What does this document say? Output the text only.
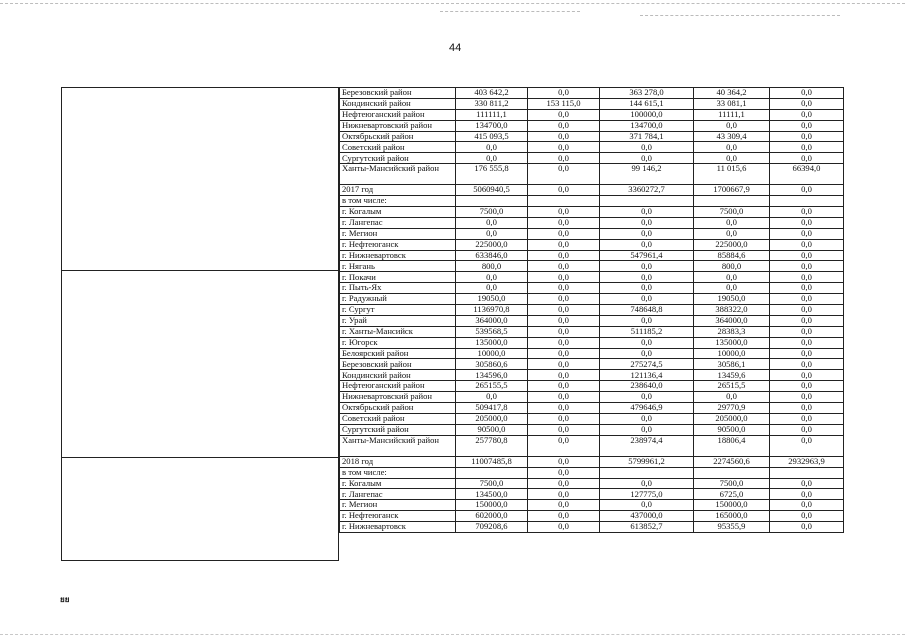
44
Березовский район	403 642,2	0,0	363 278,0	40 364,2	0,0
Кондинский район	330 811,2	153 115,0	144 615,1	33 081,1	0,0
Нефтеюганский район	111111,1	0,0	100000,0	11111,1	0,0
Нижневартовский район	134700,0	0,0	134700,0	0,0	0,0
Октябрьский район	415 093,5	0,0	371 784,1	43 309,4	0,0
Советский район	0,0	0,0	0,0	0,0	0,0
Сургутский район	0,0	0,0	0,0	0,0	0,0
Ханты-Мансийский район	176 555,8	0,0	99 146,2	11 015,6	66394,0
2017 год	5060940,5	0,0	3360272,7	1700667,9	0,0
в том числе:					
г. Когалым	7500,0	0,0	0,0	7500,0	0,0
г. Лангепас	0,0	0,0	0,0	0,0	0,0
г. Мегион	0,0	0,0	0,0	0,0	0,0
г. Нефтеюганск	225000,0	0,0	0,0	225000,0	0,0
г. Нижневартовск	633846,0	0,0	547961,4	85884,6	0,0
г. Нягань	800,0	0,0	0,0	800,0	0,0
г. Покачи	0,0	0,0	0,0	0,0	0,0
г. Пыть-Ях	0,0	0,0	0,0	0,0	0,0
г. Радужный	19050,0	0,0	0,0	19050,0	0,0
г. Сургут	1136970,8	0,0	748648,8	388322,0	0,0
г. Урай	364000,0	0,0	0,0	364000,0	0,0
г. Ханты-Мансийск	539568,5	0,0	511185,2	28383,3	0,0
г. Югорск	135000,0	0,0	0,0	135000,0	0,0
Белоярский район	10000,0	0,0	0,0	10000,0	0,0
Березовский район	305860,6	0,0	275274,5	30586,1	0,0
Кондинский район	134596,0	0,0	121136,4	13459,6	0,0
Нефтеюганский район	265155,5	0,0	238640,0	26515,5	0,0
Нижневартовский район	0,0	0,0	0,0	0,0	0,0
Октябрьский район	509417,8	0,0	479646,9	29770,9	0,0
Советский район	205000,0	0,0	0,0	205000,0	0,0
Сургутский район	90500,0	0,0	0,0	90500,0	0,0
Ханты-Мансийский район	257780,8	0,0	238974,4	18806,4	0,0
2018 год	11007485,8	0,0	5799961,2	2274560,6	2932963,9
в том числе:		0,0			
г. Когалым	7500,0	0,0	0,0	7500,0	0,0
г. Лангепас	134500,0	0,0	127775,0	6725,0	0,0
г. Мегион	150000,0	0,0	0,0	150000,0	0,0
г. Нефтеюганск	602000,0	0,0	437000,0	165000,0	0,0
г. Нижневартовск	709208,6	0,0	613852,7	95355,9	0,0
ยย
